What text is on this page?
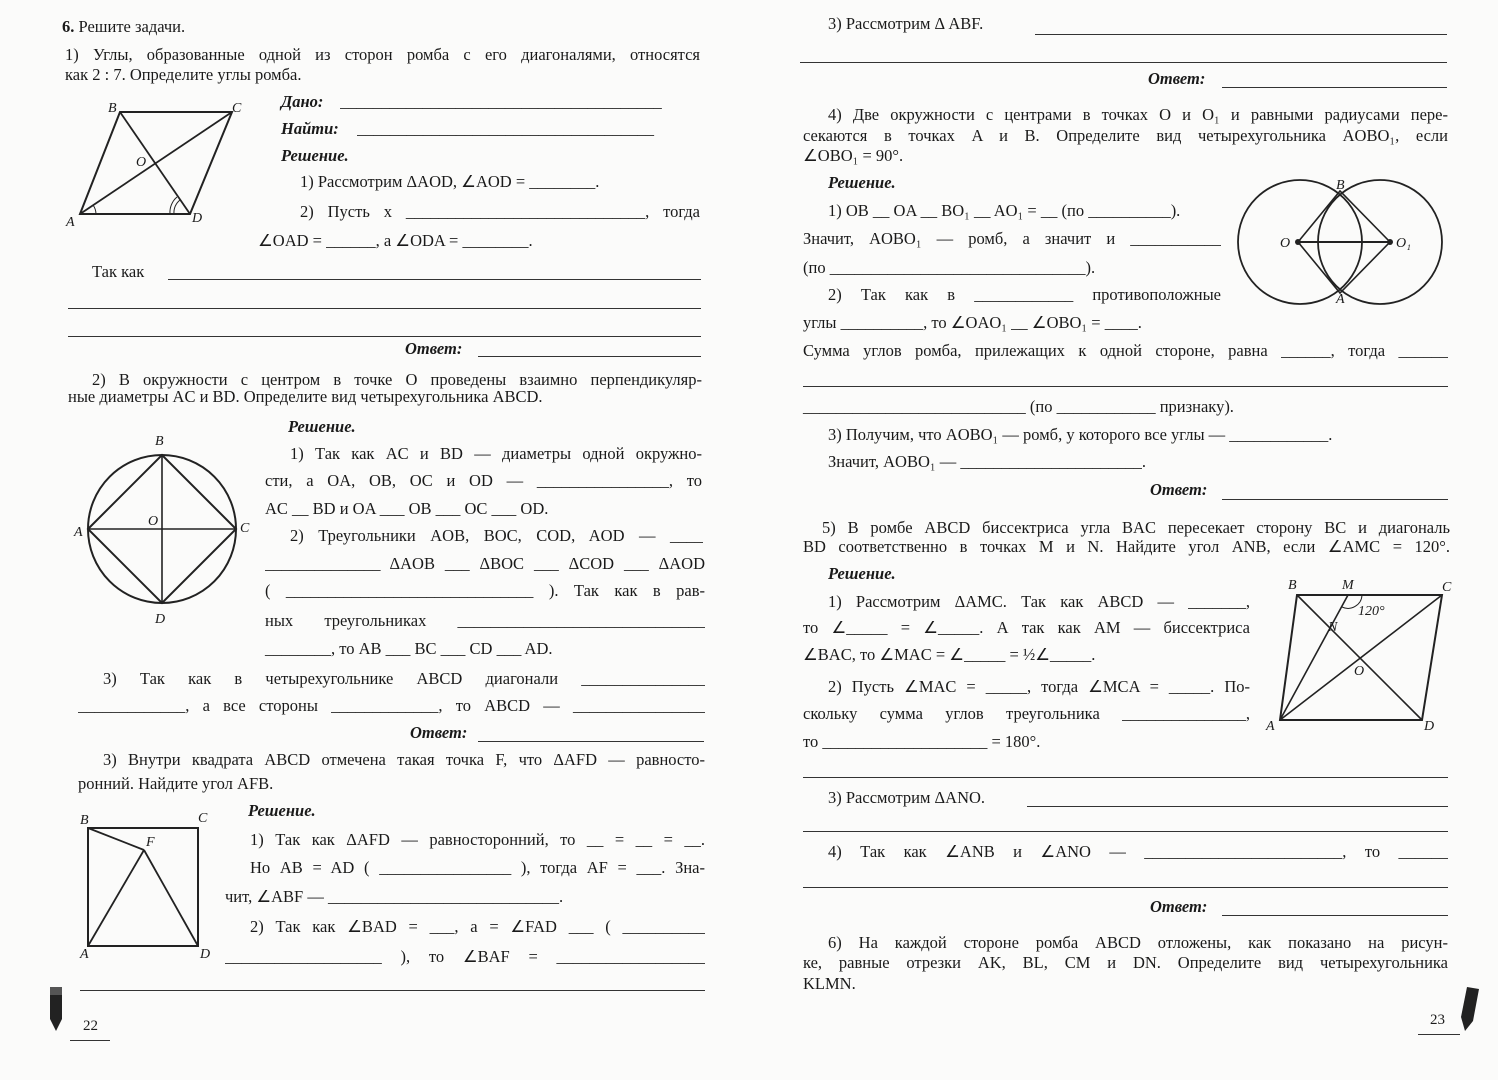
6. Решите задачи.
1) Углы, образованные одной из сторон ромба с его диагоналями, относятся
как 2 : 7. Определите углы ромба.
Дано: _______________________________________
Найти: ____________________________________
Решение.
1) Рассмотрим ΔAOD, ∠AOD = ________.
2) Пусть x _____________________________, тогда
∠OAD = ______, а ∠ODA = ________.
Так как
Ответ:
2) В окружности с центром в точке O проведены взаимно перпендикуляр-
ные диаметры AC и BD. Определите вид четырехугольника ABCD.
Решение.
1) Так как AC и BD — диаметры одной окружно-
сти, а OA, OB, OC и OD — ________________, то
AC __ BD и OA ___ OB ___ OC ___ OD.
2) Треугольники AOB, BOC, COD, AOD — ____
______________ ΔAOB ___ ΔBOC ___ ΔCOD ___ ΔAOD
( ______________________________ ). Так как в рав-
ных треугольниках ______________________________
________, то AB ___ BC ___ CD ___ AD.
3) Так как в четырехугольнике ABCD диагонали _______________
_____________, а все стороны _____________, то ABCD — ________________
Ответ:
3) Внутри квадрата ABCD отмечена такая точка F, что ΔAFD — равносто-
ронний. Найдите угол AFB.
Решение.
1) Так как ΔAFD — равносторонний, то __ = __ = __.
Но AB = AD ( ________________ ), тогда AF = ___. Зна-
чит, ∠ABF — ____________________________.
2) Так как ∠BAD = ___, а = ∠FAD ___ ( __________
___________________ ), то ∠BAF = __________________
22
B	C
O
A	D
B
A	C
D
O
B	C
F
A	D
3) Рассмотрим Δ ABF.
Ответ:
4) Две окружности с центрами в точках O и O₁ и равными радиусами пере-
секаются в точках A и B. Определите вид четырехугольника AOBO₁, если
∠OBO₁ = 90°.
Решение.
1) OB __ OA __ BO₁ __ AO₁ = __ (по __________).
Значит, AOBO₁ — ромб, а значит и ___________
(по _______________________________).
2) Так как в ____________ противоположные
углы __________, то ∠OAO₁ __ ∠OBO₁ = ____.
Сумма углов ромба, прилежащих к одной стороне, равна ______, тогда ______
___________________________ (по ____________ признаку).
3) Получим, что AOBO₁ — ромб, у которого все углы — ____________.
Значит, AOBO₁ — ______________________.
Ответ:
5) В ромбе ABCD биссектриса угла BAC пересекает сторону BC и диагональ
BD соответственно в точках M и N. Найдите угол ANB, если ∠AMC = 120°.
Решение.
1) Рассмотрим ΔAMC. Так как ABCD — _______,
то ∠_____ = ∠_____. А так как AM — биссектриса
∠BAC, то ∠MAC = ∠_____ = ½∠_____.
2) Пусть ∠MAC = _____, тогда ∠MCA = _____. По-
скольку сумма углов треугольника _______________,
то ____________________ = 180°.
3) Рассмотрим ΔANO.
4) Так как ∠ANB и ∠ANO — ________________________, то ______
Ответ:
6) На каждой стороне ромба ABCD отложены, как показано на рисун-
ке, равные отрезки AK, BL, CM и DN. Определите вид четырехугольника
KLMN.
23
O	O₁
B
A
B	M	C
N
O
A	D
120°
